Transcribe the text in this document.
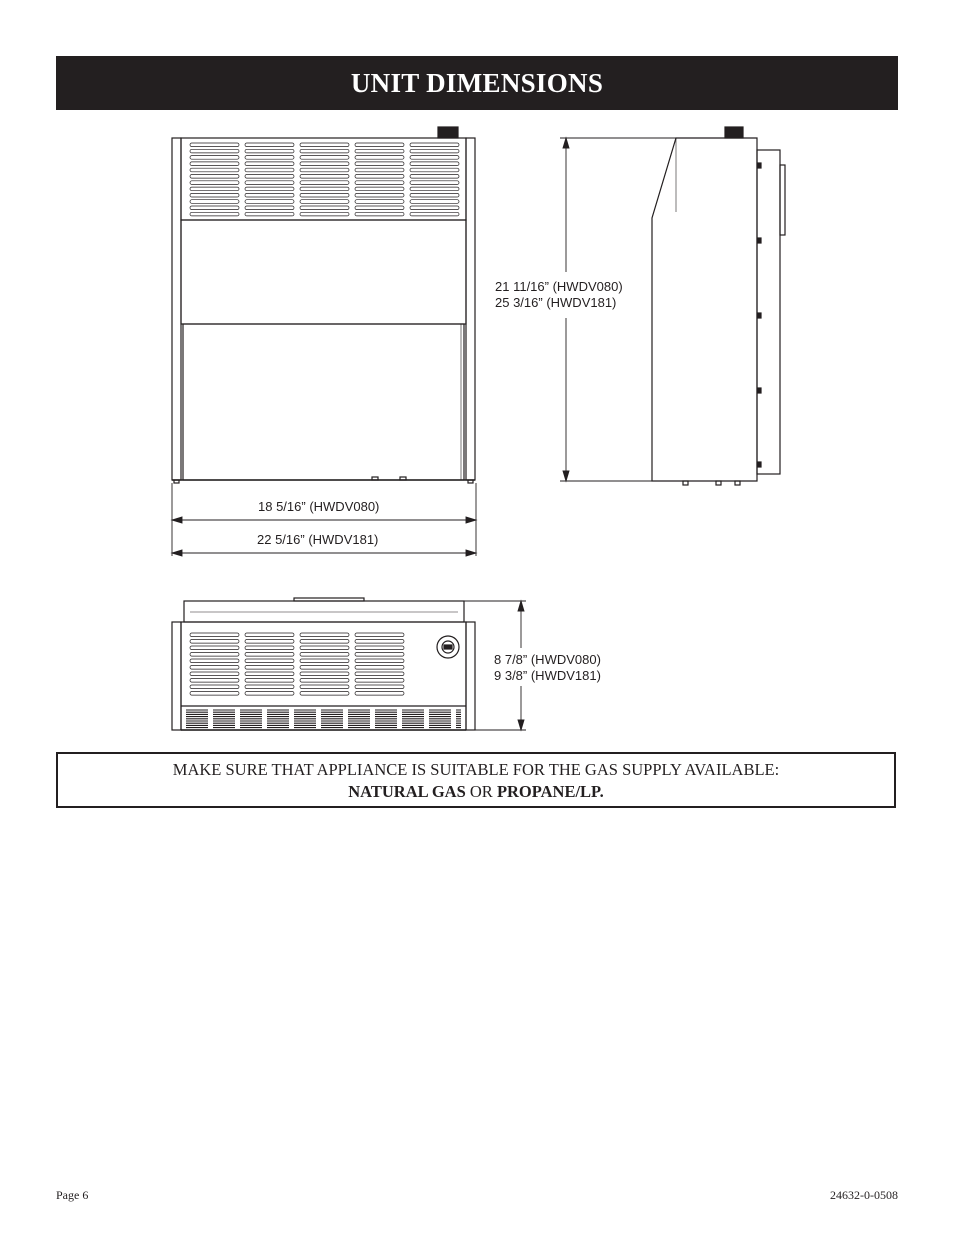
UNIT DIMENSIONS
18 5/16” (HWDV080)
22 5/16” (HWDV181)
21 11/16” (HWDV080)
25 3/16” (HWDV181)
8 7/8” (HWDV080)
9 3/8” (HWDV181)
MAKE SURE THAT APPLIANCE IS SUITABLE FOR THE GAS SUPPLY AVAILABLE:
NATURAL GAS OR PROPANE/LP.
Page 6	24632-0-0508
